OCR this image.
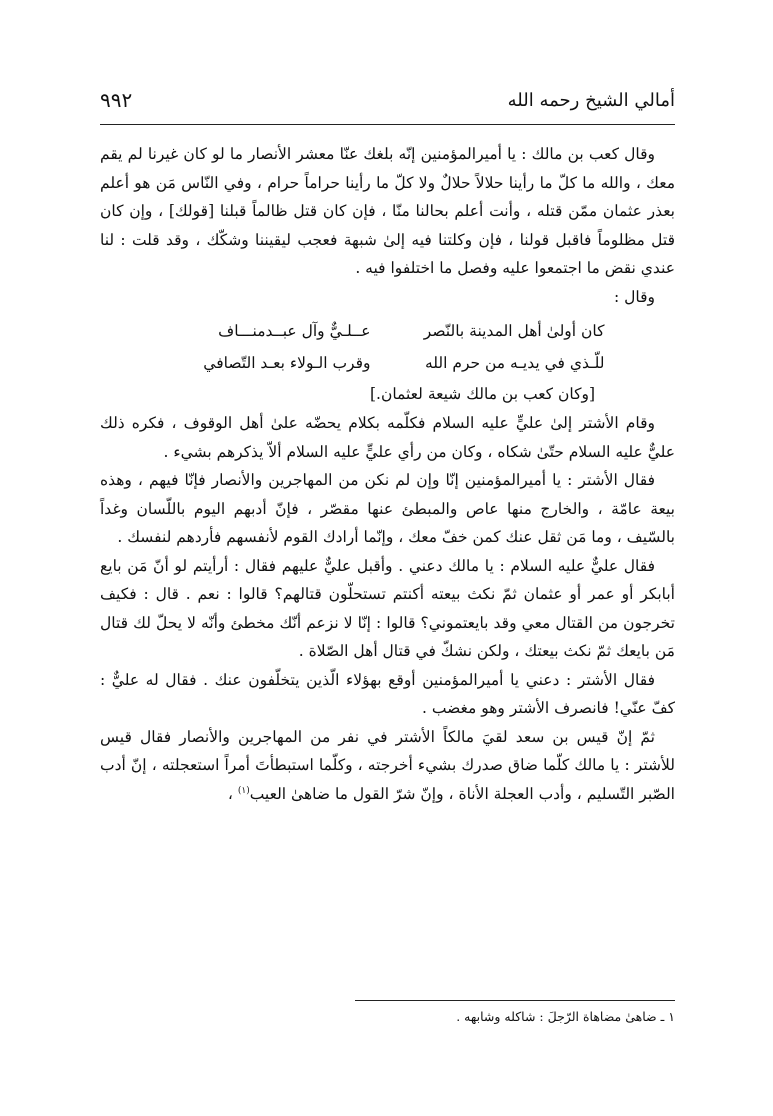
أمالي الشيخ رحمه الله
٩٩٢

وقال كعب بن مالك : يا أميرالمؤمنين إنّه بلغك عنّا معشر الأنصار ما لو كان غيرنا لم يقم معك ، والله ما كلّ ما رأينا حلالاً حلالٌ ولا كلّ ما رأينا حراماً حرام ، وفي النّاس مَن هو أعلم بعذر عثمان ممّن قتله ، وأنت أعلم بحالنا منّا ، فإن كان قتل ظالماً قبلنا [قولك] ، وإن كان قتل مظلوماً فاقبل قولنا ، فإن وكلتنا فيه إلىٰ شبهة فعجب ليقيننا وشكّك ، وقد قلت : لنا عندي نقض ما اجتمعوا عليه وفصل ما اختلفوا فيه .

وقال :

كان أولىٰ أهل المدينة بالنّصر
عــلـيٌّ وآل عبــدمنـــاف
للّـذي في يديـه من حرم الله
وقرب الـولاء بعـد التّصافي

[وكان كعب بن مالك شيعة لعثمان.]

وقام الأشتر إلىٰ عليٍّ عليه السلام فكلّمه بكلام يحضّه علىٰ أهل الوقوف ، فكره ذلك عليٌّ عليه السلام حتّىٰ شكاه ، وكان من رأي عليٍّ عليه السلام ألاّ يذكرهم بشيء .

فقال الأشتر : يا أميرالمؤمنين إنّا وإن لم نكن من المهاجرين والأنصار فإنّا فيهم ، وهذه بيعة عامّة ، والخارج منها عاص والمبطئ عنها مقصّر ، فإنّ أدبهم اليوم باللّسان وغداً بالسّيف ، وما مَن ثقل عنك كمن خفّ معك ، وإنّما أرادك القوم لأنفسهم فأردهم لنفسك .

فقال عليٌّ عليه السلام : يا مالك دعني . وأقبل عليٌّ عليهم فقال : أرأيتم لو أنّ مَن بايع أبابكر أو عمر أو عثمان ثمّ نكث بيعته أكنتم تستحلّون قتالهم؟ قالوا : نعم . قال : فكيف تخرجون من القتال معي وقد بايعتموني؟ قالوا : إنّا لا نزعم أنّك مخطئ وأنّه لا يحلّ لك قتال مَن بايعك ثمّ نكث بيعتك ، ولكن نشكّ في قتال أهل الصّلاة .

فقال الأشتر : دعني يا أميرالمؤمنين أوقع بهؤلاء الّذين يتخلّفون عنك . فقال له عليٌّ : كفّ عنّي! فانصرف الأشتر وهو مغضب .

ثمّ إنّ قيس بن سعد لقيَ مالكاً الأشتر في نفر من المهاجرين والأنصار فقال قيس للأشتر : يا مالك كلّما ضاق صدرك بشيء أخرجته ، وكلّما استبطأتَ أمراً استعجلته ، إنّ أدب الصّبر التّسليم ، وأدب العجلة الأناة ، وإنّ شرّ القول ما ضاهىٰ العيب$^{(١)}$ ،

١ ـ ضاهىٰ مضاهاة الرّجلَ : شاكله وشابهه .
